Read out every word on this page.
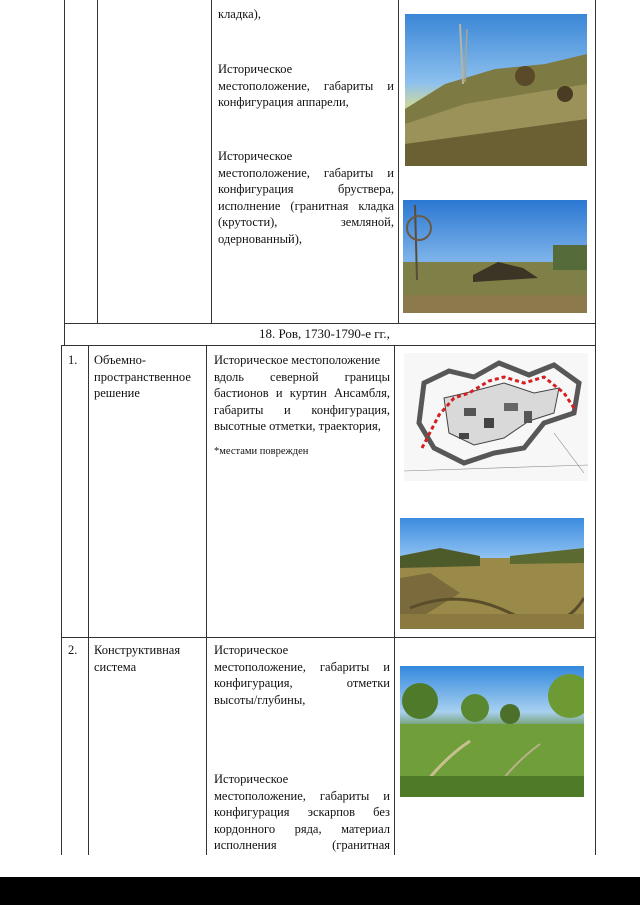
кладка),
Историческое
местоположение, габариты и
конфигурация аппарели,
Историческое
местоположение, габариты и
конфигурация бруствера,
исполнение (гранитная кладка
(крутости), земляной,
одернованный),
18. Ров, 1730-1790-е гг.,
1. Объемно-
пространственное
решение
Историческое местоположение
вдоль северной границы
бастионов и куртин Ансамбля,
габариты и конфигурация,
высотные отметки, траектория,
*местами поврежден
2. Конструктивная
система
Историческое
местоположение, габариты и
конфигурация, отметки
высоты/глубины,
Историческое
местоположение, габариты и
конфигурация эскарпов без
кордонного ряда, материал
исполнения (гранитная
